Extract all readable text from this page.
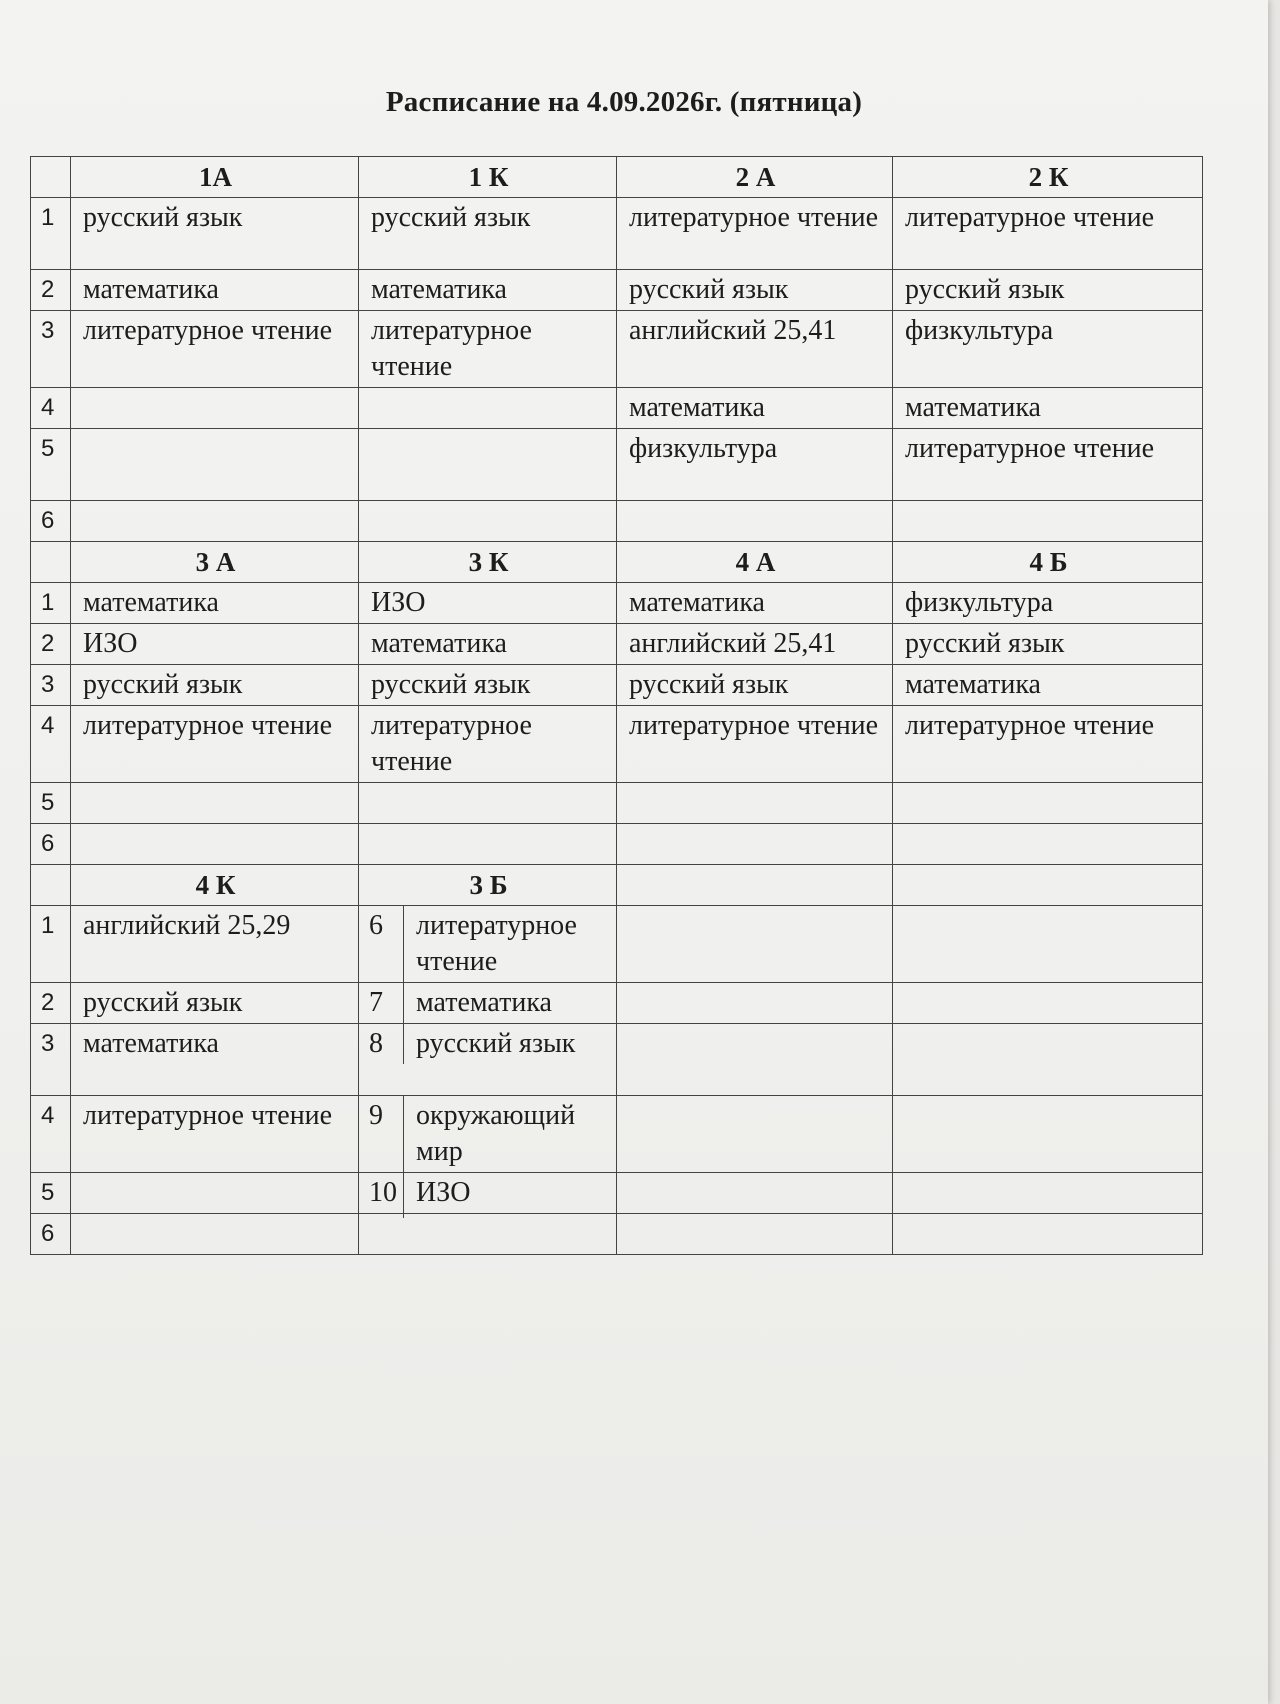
Расписание на 4.09.2026г. (пятница)
	1А	1 К	2 А	2 К
1	русский язык	русский язык	литературное чтение	литературное чтение
2	математика	математика	русский язык	русский язык
3	литературное чтение	литературное чтение	английский 25,41	физкультура
4			математика	математика
5			физкультура	литературное чтение
6				
	3 А	3 К	4 А	4 Б
1	математика	ИЗО	математика	физкультура
2	ИЗО	математика	английский 25,41	русский язык
3	русский язык	русский язык	русский язык	математика
4	литературное чтение	литературное чтение	литературное чтение	литературное чтение
5				
6				
	4 К	3 Б		
1	английский 25,29		6	литературное чтение

2	русский язык		7	математика

3	математика		8	русский язык

4	литературное чтение	9	окружающий мир

5			10	ИЗО

6		
